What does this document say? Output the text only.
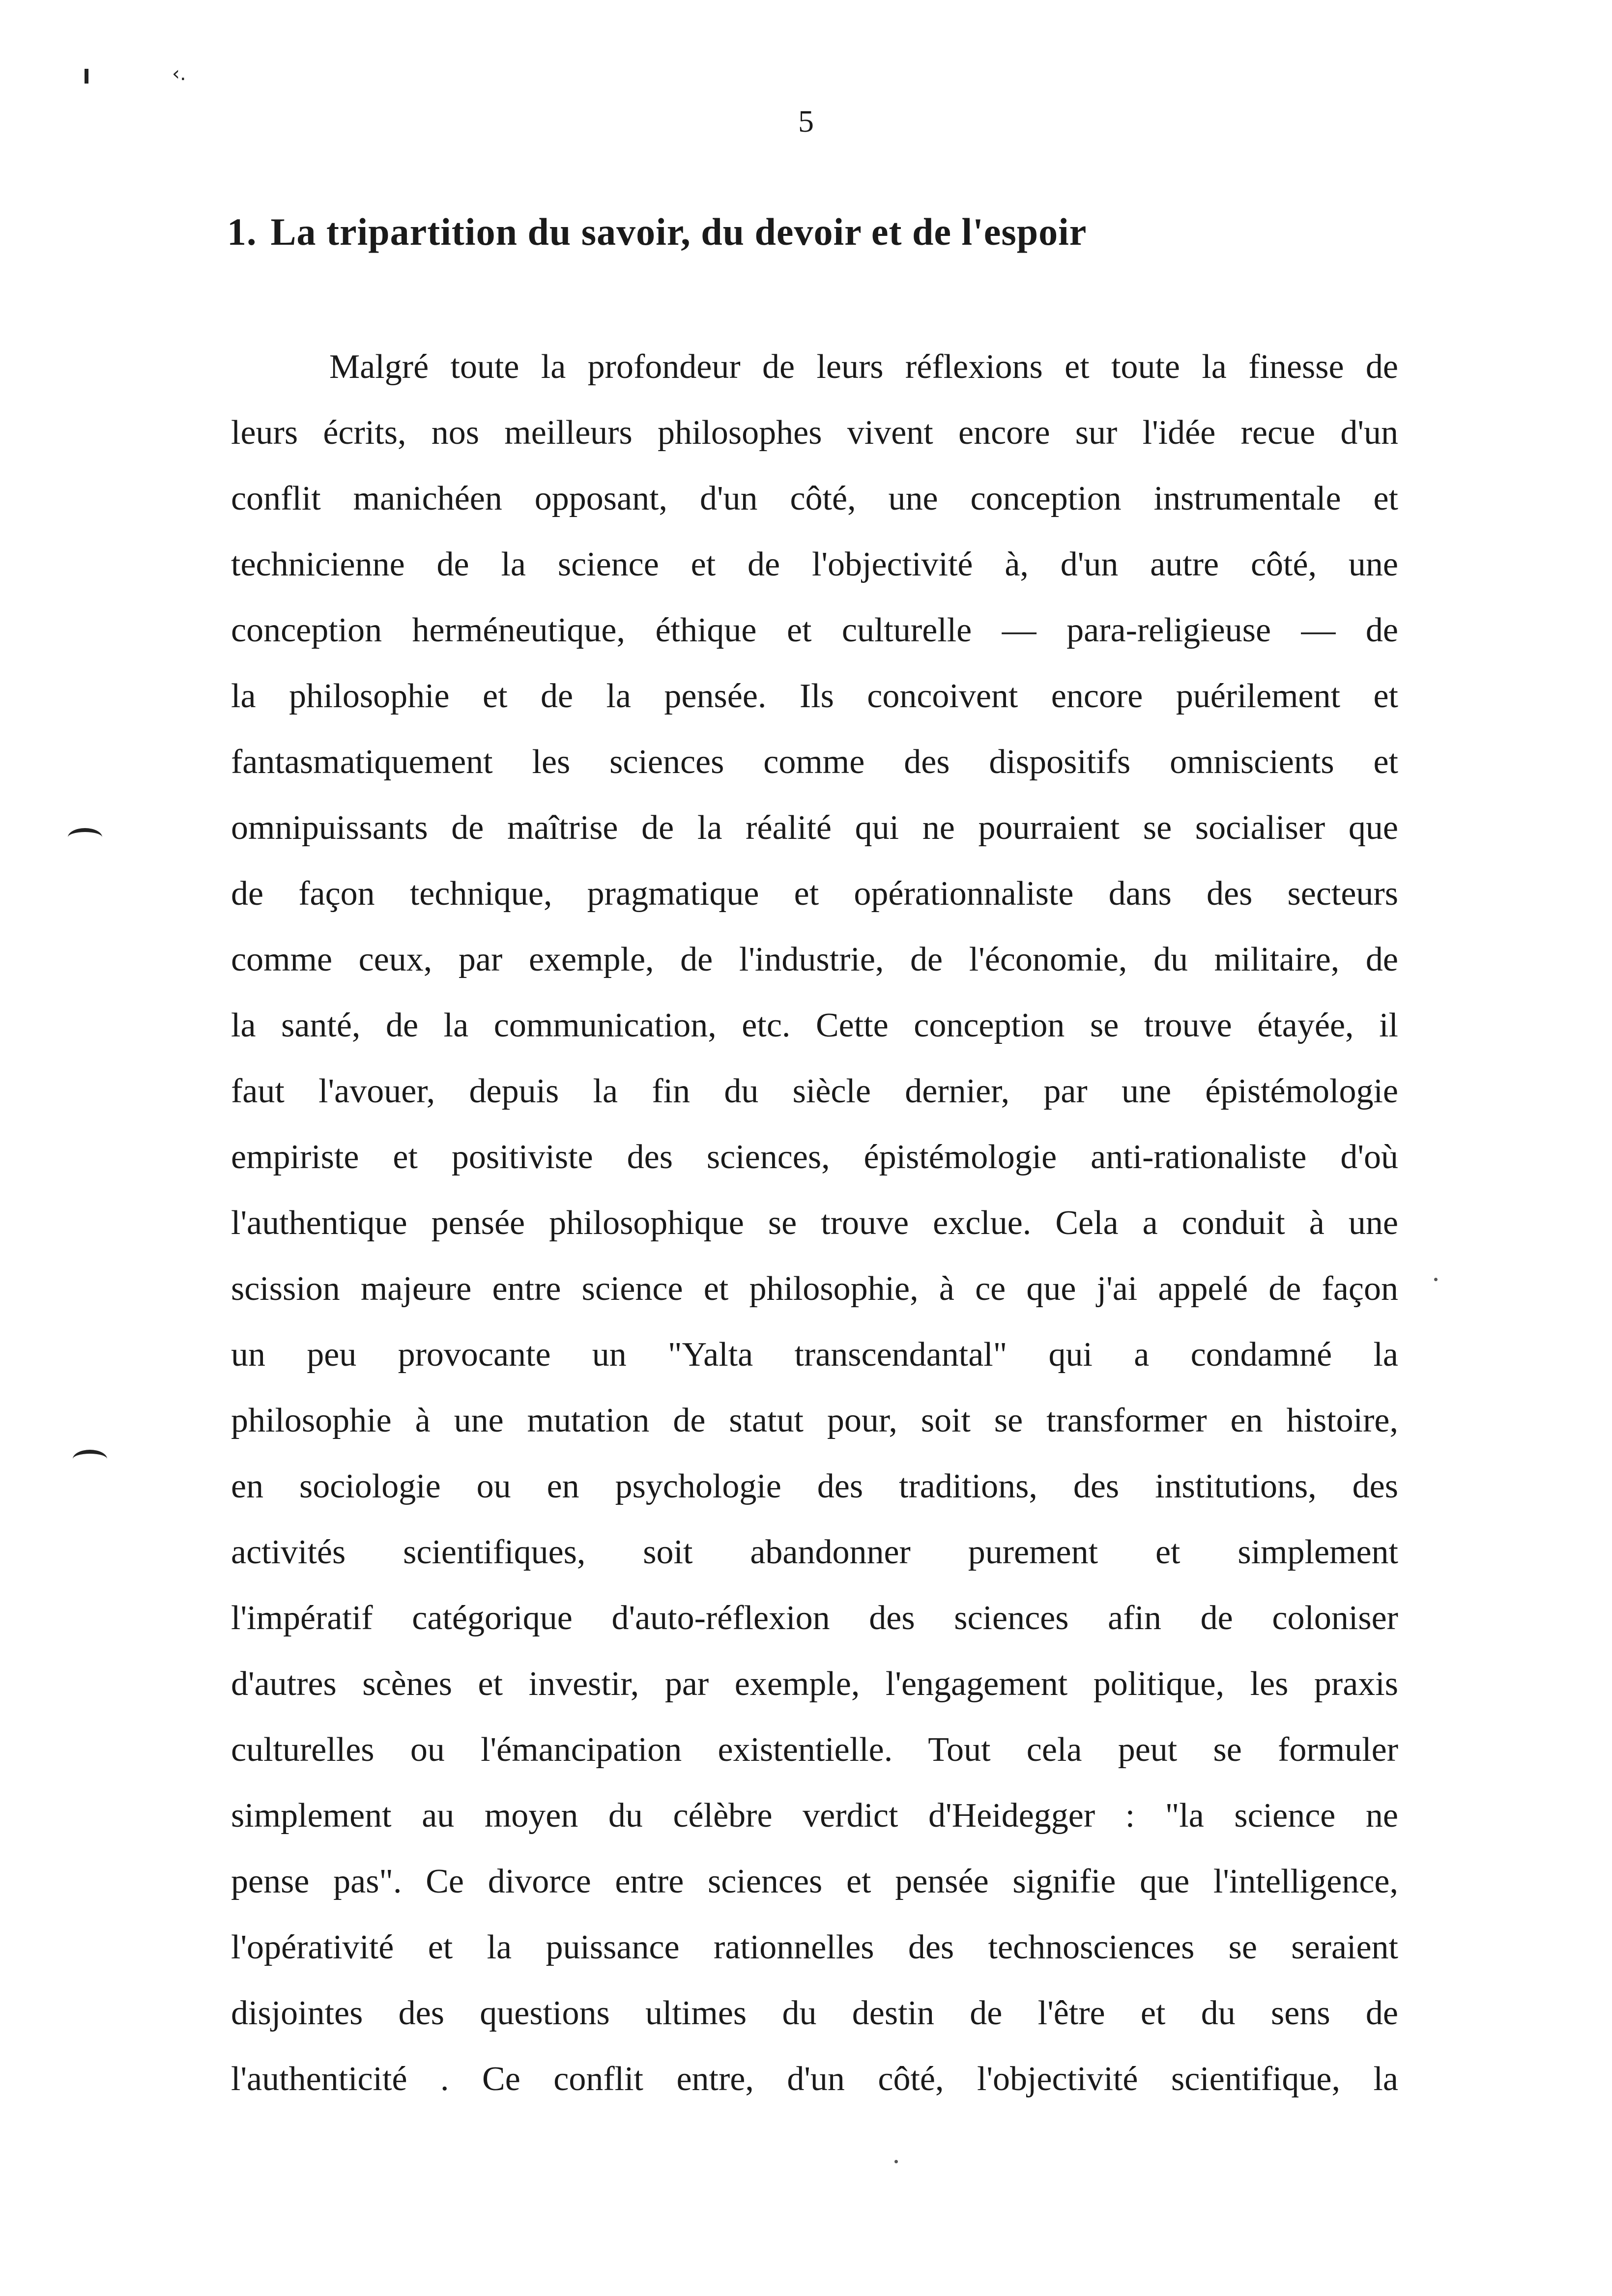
‹.
5
1. La tripartition du savoir, du devoir et de l'espoir
Malgré toute la profondeur de leurs réflexions et toute la finesse de
leurs écrits, nos meilleurs philosophes vivent encore sur l'idée recue d'un
conflit manichéen opposant, d'un côté, une conception instrumentale et
technicienne de la science et de l'objectivité à, d'un autre côté, une
conception herméneutique, éthique et culturelle — para-religieuse — de
la philosophie et de la pensée. Ils concoivent encore puérilement et
fantasmatiquement les sciences comme des dispositifs omniscients et
omnipuissants de maîtrise de la réalité qui ne pourraient se socialiser que
de façon technique, pragmatique et opérationnaliste dans des secteurs
comme ceux, par exemple, de l'industrie, de l'économie, du militaire, de
la santé, de la communication, etc. Cette conception se trouve étayée, il
faut l'avouer, depuis la fin du siècle dernier, par une épistémologie
empiriste et positiviste des sciences, épistémologie anti-rationaliste d'où
l'authentique pensée philosophique se trouve exclue. Cela a conduit à une
scission majeure entre science et philosophie, à ce que j'ai appelé de façon
un peu provocante un "Yalta transcendantal" qui a condamné la
philosophie à une mutation de statut pour, soit se transformer en histoire,
en sociologie ou en psychologie des traditions, des institutions, des
activités scientifiques, soit abandonner purement et simplement
l'impératif catégorique d'auto-réflexion des sciences afin de coloniser
d'autres scènes et investir, par exemple, l'engagement politique, les praxis
culturelles ou l'émancipation existentielle. Tout cela peut se formuler
simplement au moyen du célèbre verdict d'Heidegger : "la science ne
pense pas". Ce divorce entre sciences et pensée signifie que l'intelligence,
l'opérativité et la puissance rationnelles des technosciences se seraient
disjointes des questions ultimes du destin de l'être et du sens de
l'authenticité . Ce conflit entre, d'un côté, l'objectivité scientifique, la
